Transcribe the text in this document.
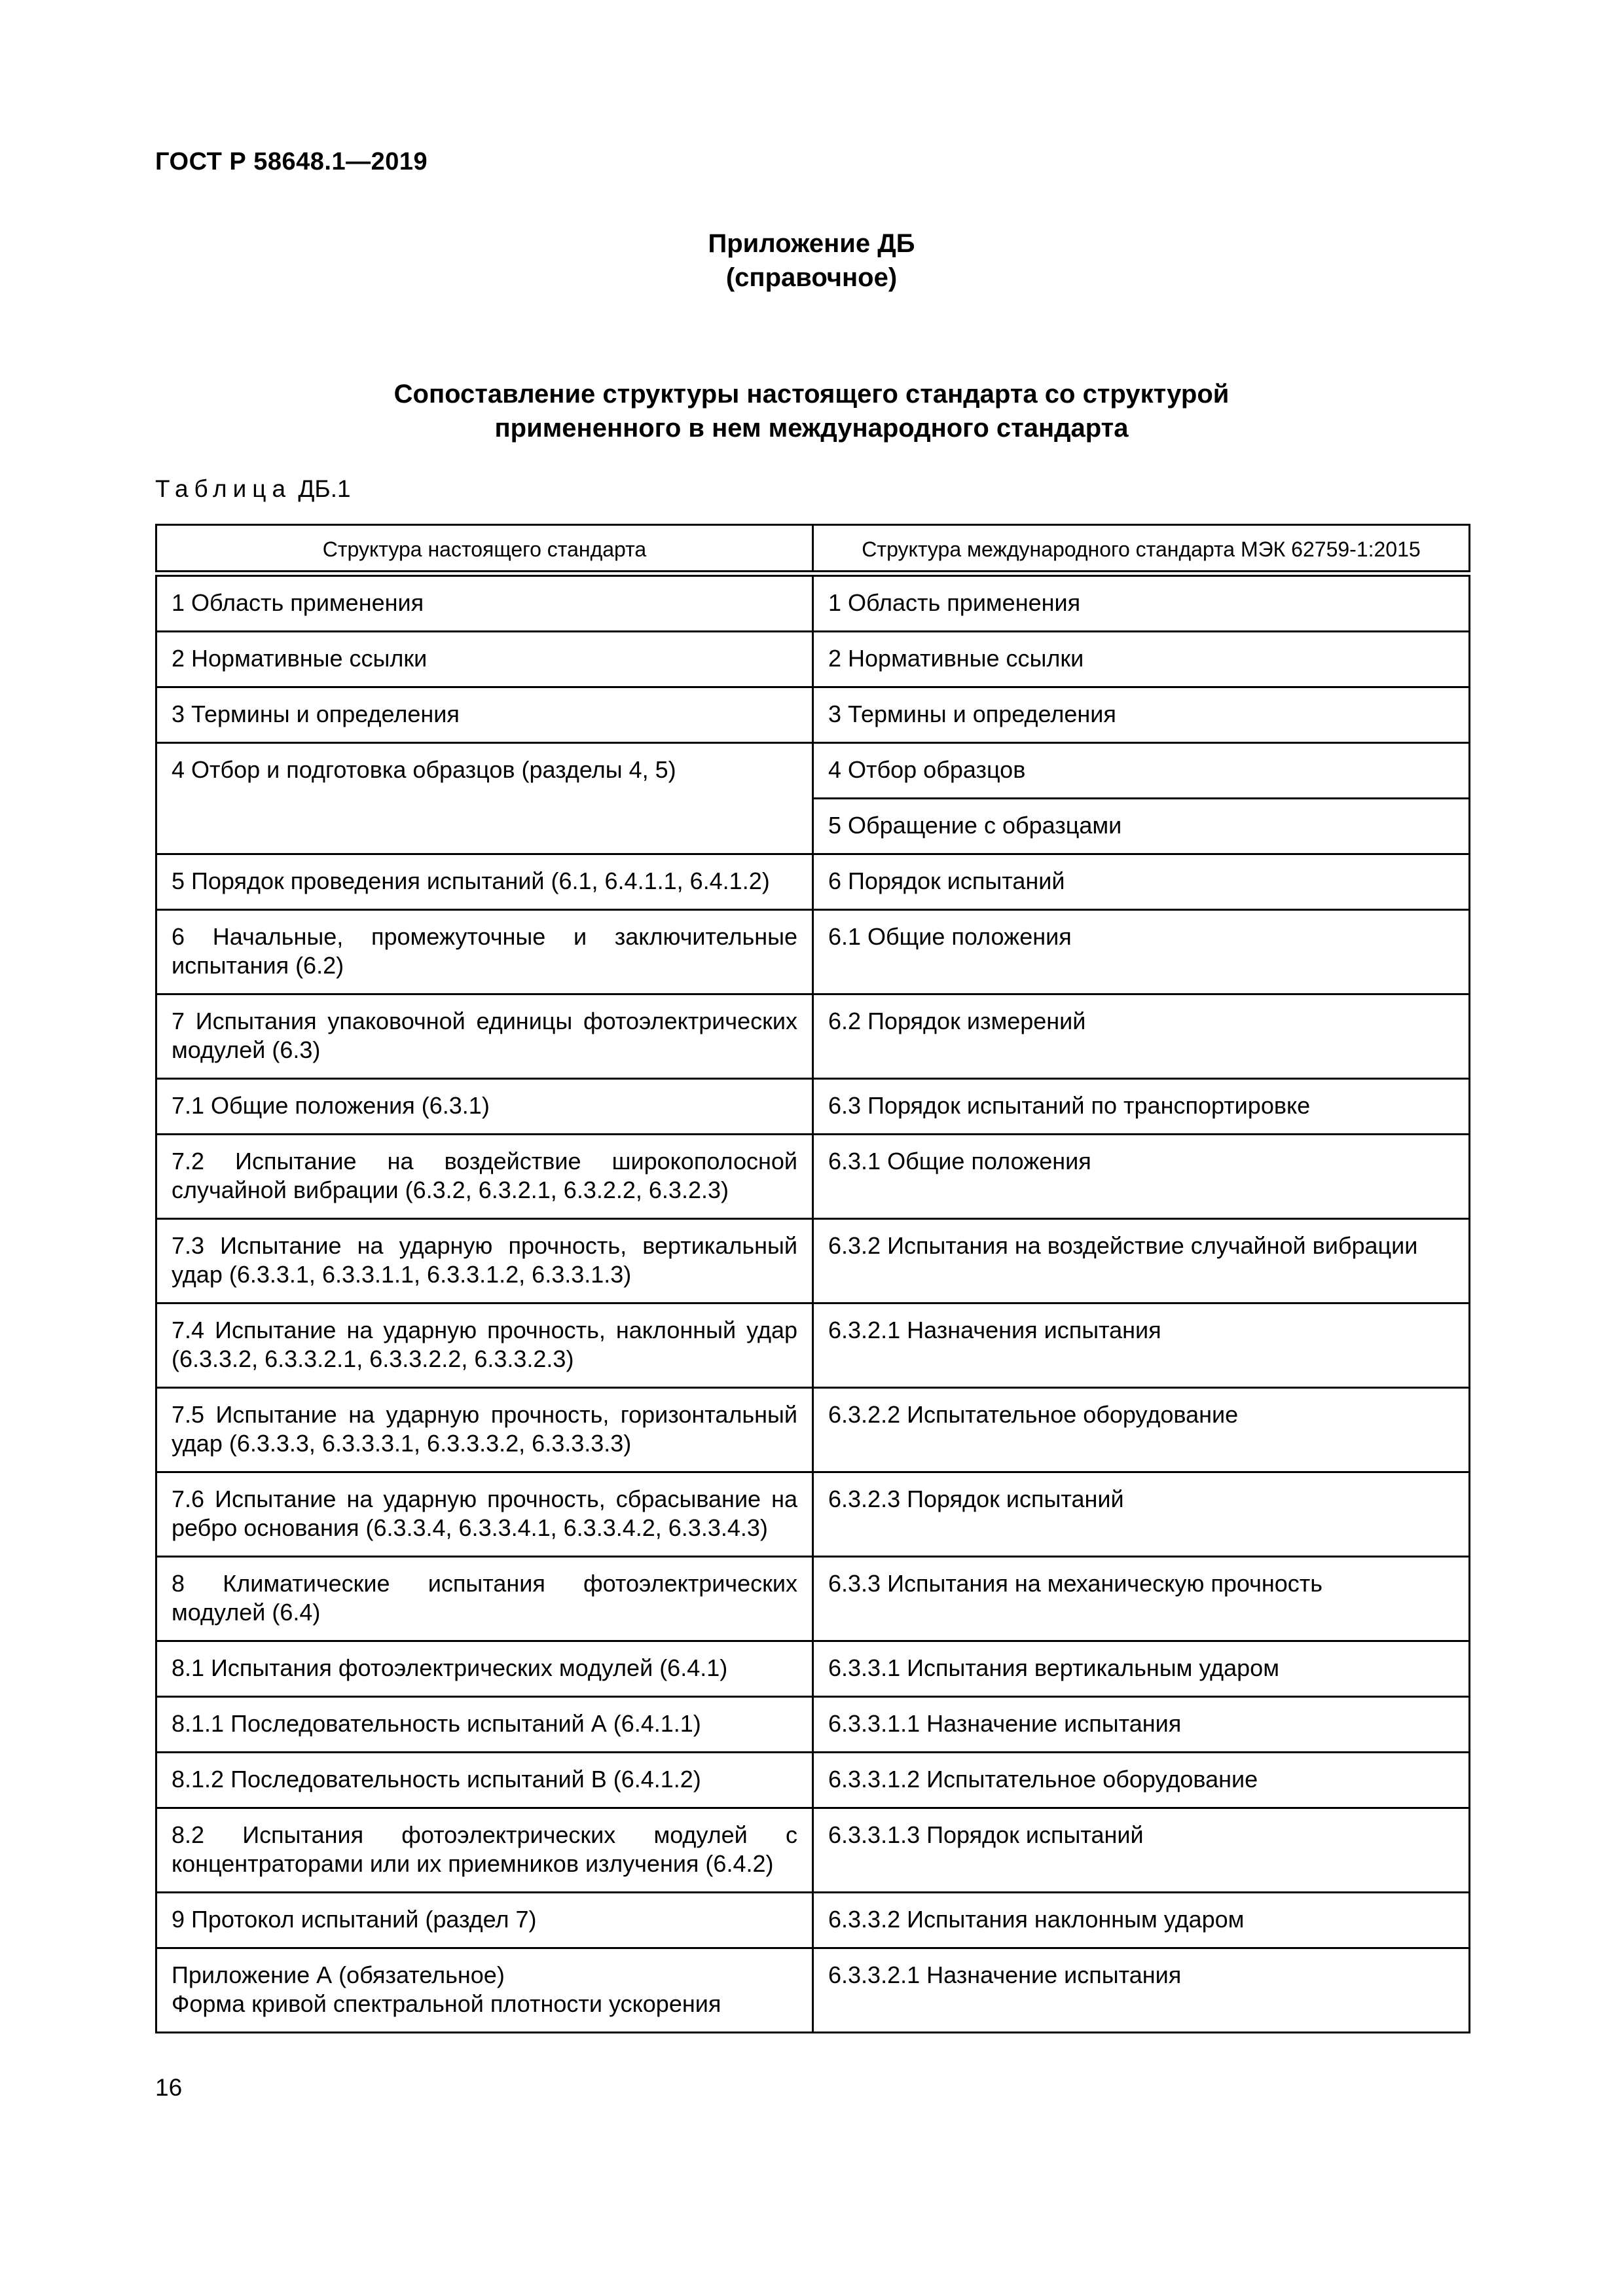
ГОСТ Р 58648.1—2019
Приложение ДБ
(справочное)
Сопоставление структуры настоящего стандарта со структурой
примененного в нем международного стандарта
Таблица ДБ.1
Структура настоящего стандарта	Структура международного стандарта МЭК 62759-1:2015
1 Область применения	1 Область применения
2 Нормативные ссылки	2 Нормативные ссылки
3 Термины и определения	3 Термины и определения
4 Отбор и подготовка образцов (разделы 4, 5)	4 Отбор образцов
	5 Обращение с образцами
5 Порядок проведения испытаний (6.1, 6.4.1.1, 6.4.1.2)	6 Порядок испытаний
6 Начальные, промежуточные и заключительные испытания (6.2)	6.1 Общие положения
7 Испытания упаковочной единицы фотоэлектрических модулей (6.3)	6.2 Порядок измерений
7.1 Общие положения (6.3.1)	6.3 Порядок испытаний по транспортировке
7.2 Испытание на воздействие широкополосной случайной вибрации (6.3.2, 6.3.2.1, 6.3.2.2, 6.3.2.3)	6.3.1 Общие положения
7.3 Испытание на ударную прочность, вертикальный удар (6.3.3.1, 6.3.3.1.1, 6.3.3.1.2, 6.3.3.1.3)	6.3.2 Испытания на воздействие случайной вибрации
7.4 Испытание на ударную прочность, наклонный удар (6.3.3.2, 6.3.3.2.1, 6.3.3.2.2, 6.3.3.2.3)	6.3.2.1 Назначения испытания
7.5 Испытание на ударную прочность, горизонтальный удар (6.3.3.3, 6.3.3.3.1, 6.3.3.3.2, 6.3.3.3.3)	6.3.2.2 Испытательное оборудование
7.6 Испытание на ударную прочность, сбрасывание на ребро основания (6.3.3.4, 6.3.3.4.1, 6.3.3.4.2, 6.3.3.4.3)	6.3.2.3 Порядок испытаний
8 Климатические испытания фотоэлектрических модулей (6.4)	6.3.3 Испытания на механическую прочность
8.1 Испытания фотоэлектрических модулей (6.4.1)	6.3.3.1 Испытания вертикальным ударом
8.1.1 Последовательность испытаний А (6.4.1.1)	6.3.3.1.1 Назначение испытания
8.1.2 Последовательность испытаний В (6.4.1.2)	6.3.3.1.2 Испытательное оборудование
8.2 Испытания фотоэлектрических модулей с концентраторами или их приемников излучения (6.4.2)	6.3.3.1.3 Порядок испытаний
9 Протокол испытаний (раздел 7)	6.3.3.2 Испытания наклонным ударом
Приложение А (обязательное)
Форма кривой спектральной плотности ускорения	6.3.3.2.1 Назначение испытания
16
